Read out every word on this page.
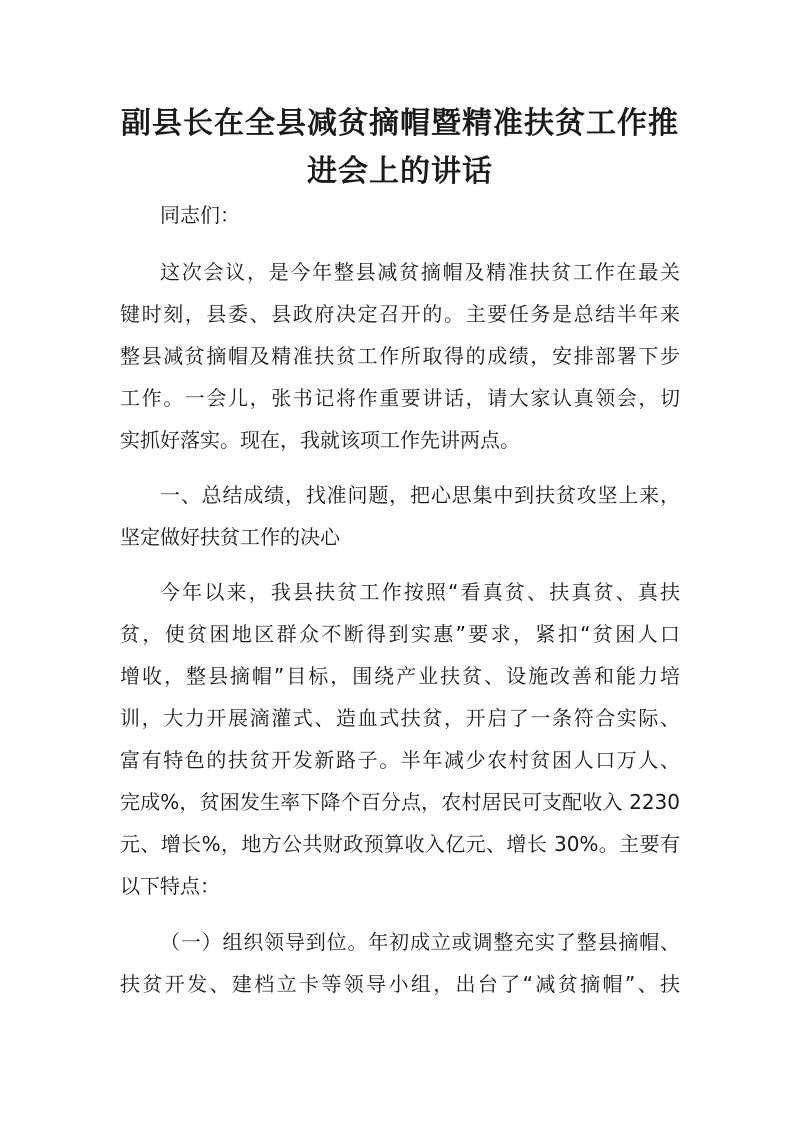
副县长在全县减贫摘帽暨精准扶贫工作推
进会上的讲话

同志们：

这次会议，是今年整县减贫摘帽及精准扶贫工作在最关

键时刻，县委、县政府决定召开的。主要任务是总结半年来

整县减贫摘帽及精准扶贫工作所取得的成绩，安排部署下步

工作。一会儿，张书记将作重要讲话，请大家认真领会，切

实抓好落实。现在，我就该项工作先讲两点。

一、总结成绩，找准问题，把心思集中到扶贫攻坚上来，

坚定做好扶贫工作的决心

今年以来，我县扶贫工作按照“看真贫、扶真贫、真扶

贫，使贫困地区群众不断得到实惠”要求，紧扣“贫困人口

增收，整县摘帽”目标，围绕产业扶贫、设施改善和能力培

训，大力开展滴灌式、造血式扶贫，开启了一条符合实际、

富有特色的扶贫开发新路子。半年减少农村贫困人口万人、

完成%，贫困发生率下降个百分点，农村居民可支配收入 2230

元、增长%，地方公共财政预算收入亿元、增长 30%。主要有

以下特点：

（一）组织领导到位。年初成立或调整充实了整县摘帽、

扶贫开发、建档立卡等领导小组，出台了“减贫摘帽”、扶
